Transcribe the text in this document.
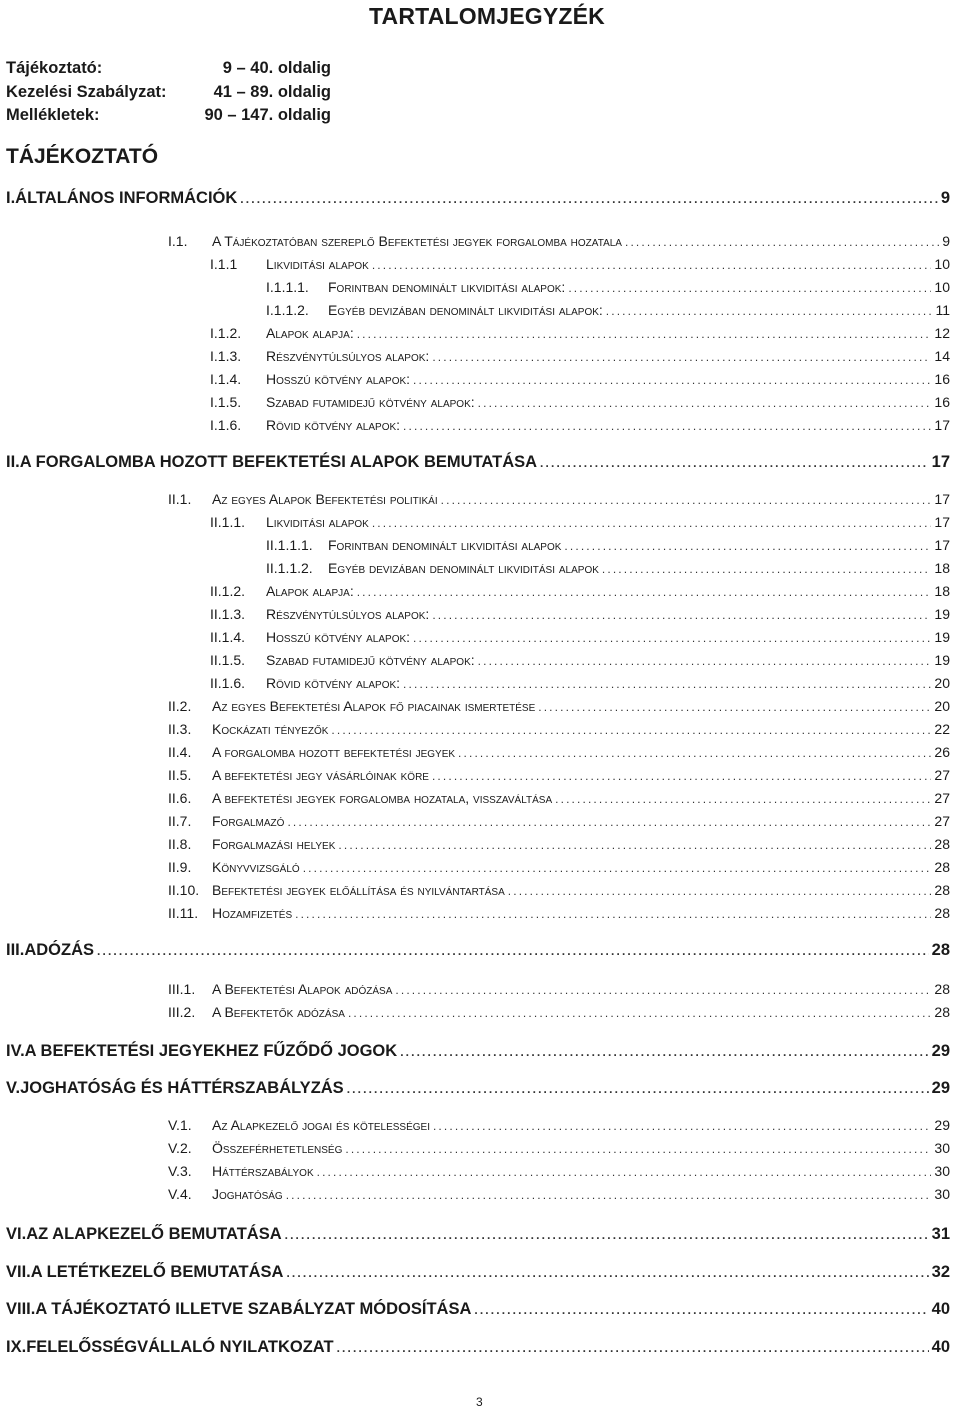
TARTALOMJEGYZÉK
Tájékoztató:	9 – 40. oldalig
Kezelési Szabályzat:	41 – 89. oldalig
Mellékletek:	90 – 147. oldalig
TÁJÉKOZTATÓ
I. ÁLTALÁNOS INFORMÁCIÓK . . .	9
I.1.	A Tájékoztatóban szereplő Befektetési jegyek forgalomba hozatala . . .	9
I.1.1	Likviditási alapok . . .	10
I.1.1.1.	Forintban denominált likviditási alapok: . . .	10
I.1.1.2.	Egyéb devizában denominált likviditási alapok: . . .	11
I.1.2.	Alapok alapja: . . .	12
I.1.3.	Részvénytúlsúlyos alapok: . . .	14
I.1.4.	Hosszú kötvény alapok: . . .	16
I.1.5.	Szabad futamidejű kötvény alapok: . . .	16
I.1.6.	Rövid kötvény alapok: . . .	17
II. A FORGALOMBA HOZOTT BEFEKTETÉSI ALAPOK BEMUTATÁSA . . .	17
II.1.	Az egyes Alapok Befektetési politikái . . .	17
II.1.1.	Likviditási alapok . . .	17
II.1.1.1.	Forintban denominált likviditási alapok . . .	17
II.1.1.2.	Egyéb devizában denominált likviditási alapok . . .	18
II.1.2.	Alapok alapja: . . .	18
II.1.3.	Részvénytúlsúlyos alapok: . . .	19
II.1.4.	Hosszú kötvény alapok: . . .	19
II.1.5.	Szabad futamidejű kötvény alapok: . . .	19
II.1.6.	Rövid kötvény alapok: . . .	20
II.2.	Az egyes Befektetési Alapok fő piacainak ismertetése . . .	20
II.3.	Kockázati tényezők . . .	22
II.4.	A forgalomba hozott befektetési jegyek . . .	26
II.5.	A befektetési jegy vásárlóinak köre . . .	27
II.6.	A befektetési jegyek forgalomba hozatala, visszaváltása . . .	27
II.7.	Forgalmazó . . .	27
II.8.	Forgalmazási helyek . . .	28
II.9.	Könyvvizsgáló . . .	28
II.10. Befektetési jegyek előállítása és nyilvántartása . . .	28
II.11. Hozamfizetés . . .	28
III. ADÓZÁS . . .	28
III.1.	A Befektetési Alapok adózása . . .	28
III.2.	A Befektetők adózása . . .	28
IV. A BEFEKTETÉSI JEGYEKHEZ FŰZŐDŐ JOGOK . . .	29
V. JOGHATÓSÁG ÉS HÁTTÉRSZABÁLYZÁS . . .	29
V.1.	Az Alapkezelő jogai és kötelességei . . .	29
V.2.	Összeférhetetlenség . . .	30
V.3.	Háttérszabályok . . .	30
V.4.	Joghatóság . . .	30
VI. AZ ALAPKEZELŐ BEMUTATÁSA . . .	31
VII. A LETÉTKEZELŐ BEMUTATÁSA . . .	32
VIII. A TÁJÉKOZTATÓ ILLETVE SZABÁLYZAT MÓDOSÍTÁSA . . .	40
IX. FELELŐSSÉGVÁLLALÓ NYILATKOZAT . . .	40
3
